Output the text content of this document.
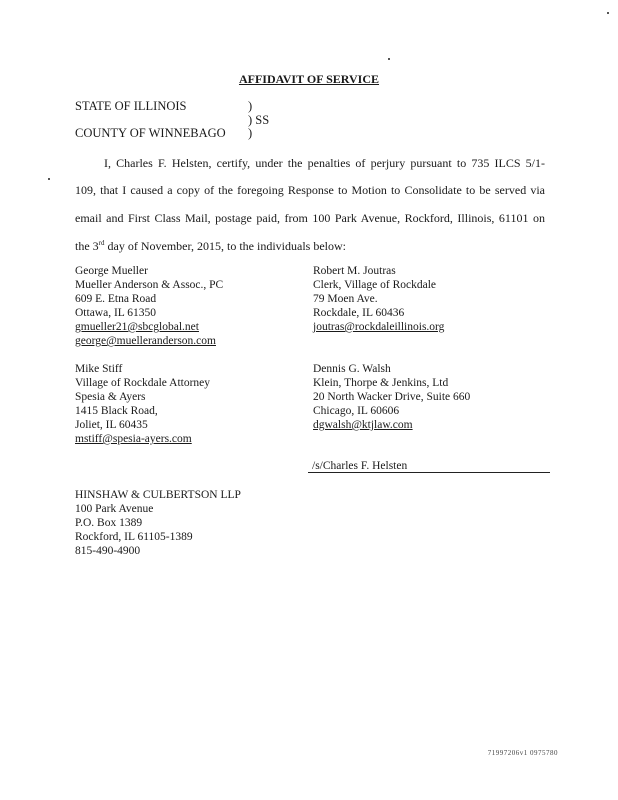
AFFIDAVIT OF SERVICE
STATE OF ILLINOIS	)
) SS
COUNTY OF WINNEBAGO )
I, Charles F. Helsten, certify, under the penalties of perjury pursuant to 735 ILCS 5/1-
109, that I caused a copy of the foregoing Response to Motion to Consolidate to be served via
email and First Class Mail, postage paid, from 100 Park Avenue, Rockford, Illinois, 61101 on
the 3rd day of November, 2015, to the individuals below:
George Mueller
Mueller Anderson & Assoc., PC
609 E. Etna Road
Ottawa, IL 61350
gmueller21@sbcglobal.net
george@muelleranderson.com
Robert M. Joutras
Clerk, Village of Rockdale
79 Moen Ave.
Rockdale, IL 60436
joutras@rockdaleillinois.org
Mike Stiff
Village of Rockdale Attorney
Spesia & Ayers
1415 Black Road,
Joliet, IL 60435
mstiff@spesia-ayers.com
Dennis G. Walsh
Klein, Thorpe & Jenkins, Ltd
20 North Wacker Drive, Suite 660
Chicago, IL 60606
dgwalsh@ktjlaw.com
/s/Charles F. Helsten
HINSHAW & CULBERTSON LLP
100 Park Avenue
P.O. Box 1389
Rockford, IL 61105-1389
815-490-4900
71997206v1 0975780
